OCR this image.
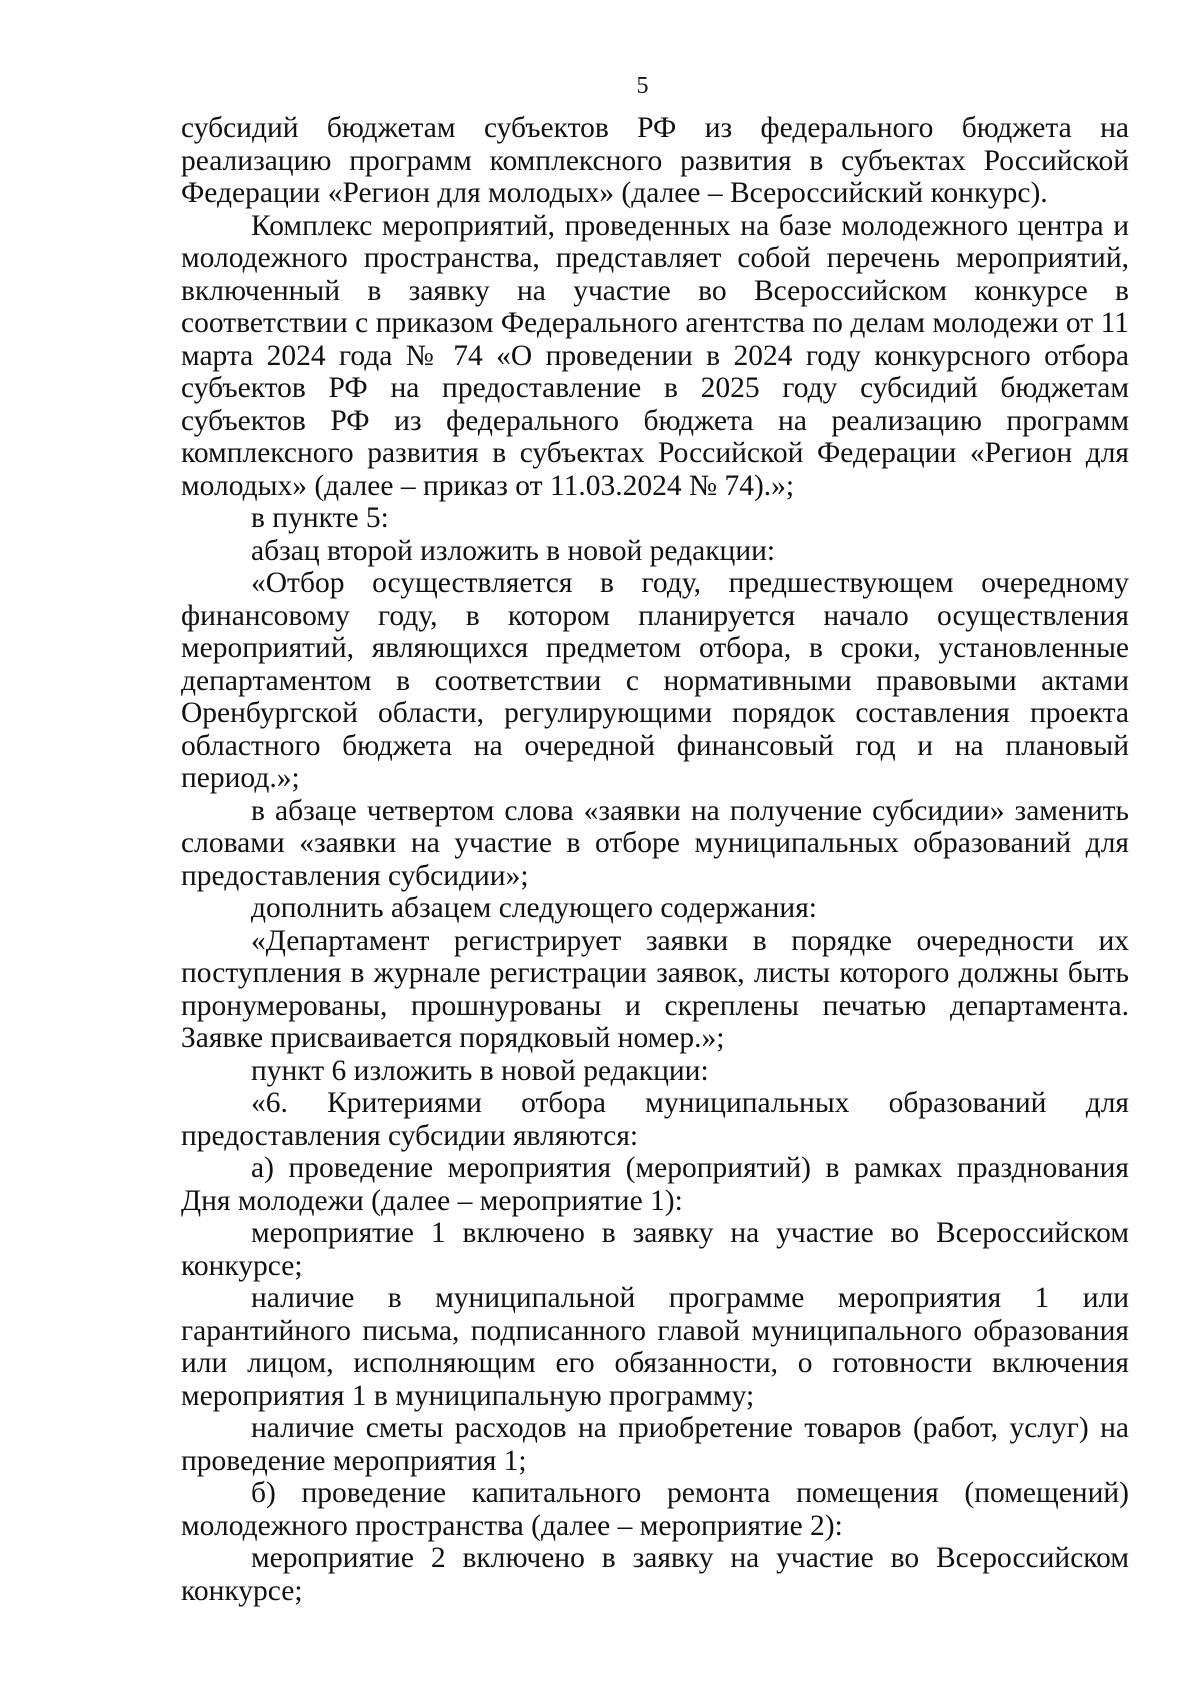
5

субсидий бюджетам субъектов РФ из федерального бюджета на реализацию программ комплексного развития в субъектах Российской Федерации «Регион для молодых» (далее – Всероссийский конкурс).

Комплекс мероприятий, проведенных на базе молодежного центра и молодежного пространства, представляет собой перечень мероприятий, включенный в заявку на участие во Всероссийском конкурсе в соответствии с приказом Федерального агентства по делам молодежи от 11 марта 2024 года № 74 «О проведении в 2024 году конкурсного отбора субъектов РФ на предоставление в 2025 году субсидий бюджетам субъектов РФ из федерального бюджета на реализацию программ комплексного развития в субъектах Российской Федерации «Регион для молодых» (далее – приказ от 11.03.2024 № 74).»;

в пункте 5:

абзац второй изложить в новой редакции:

«Отбор осуществляется в году, предшествующем очередному финансовому году, в котором планируется начало осуществления мероприятий, являющихся предметом отбора, в сроки, установленные департаментом в соответствии с нормативными правовыми актами Оренбургской области, регулирующими порядок составления проекта областного бюджета на очередной финансовый год и на плановый период.»;

в абзаце четвертом слова «заявки на получение субсидии» заменить словами «заявки на участие в отборе муниципальных образований для предоставления субсидии»;

дополнить абзацем следующего содержания:

«Департамент регистрирует заявки в порядке очередности их поступления в журнале регистрации заявок, листы которого должны быть пронумерованы, прошнурованы и скреплены печатью департамента. Заявке присваивается порядковый номер.»;

пункт 6 изложить в новой редакции:

«6. Критериями отбора муниципальных образований для предоставления субсидии являются:

а) проведение мероприятия (мероприятий) в рамках празднования Дня молодежи (далее – мероприятие 1):

мероприятие 1 включено в заявку на участие во Всероссийском конкурсе;

наличие в муниципальной программе мероприятия 1 или гарантийного письма, подписанного главой муниципального образования или лицом, исполняющим его обязанности, о готовности включения мероприятия 1 в муниципальную программу;

наличие сметы расходов на приобретение товаров (работ, услуг) на проведение мероприятия 1;

б) проведение капитального ремонта помещения (помещений) молодежного пространства (далее – мероприятие 2):

мероприятие 2 включено в заявку на участие во Всероссийском конкурсе;
